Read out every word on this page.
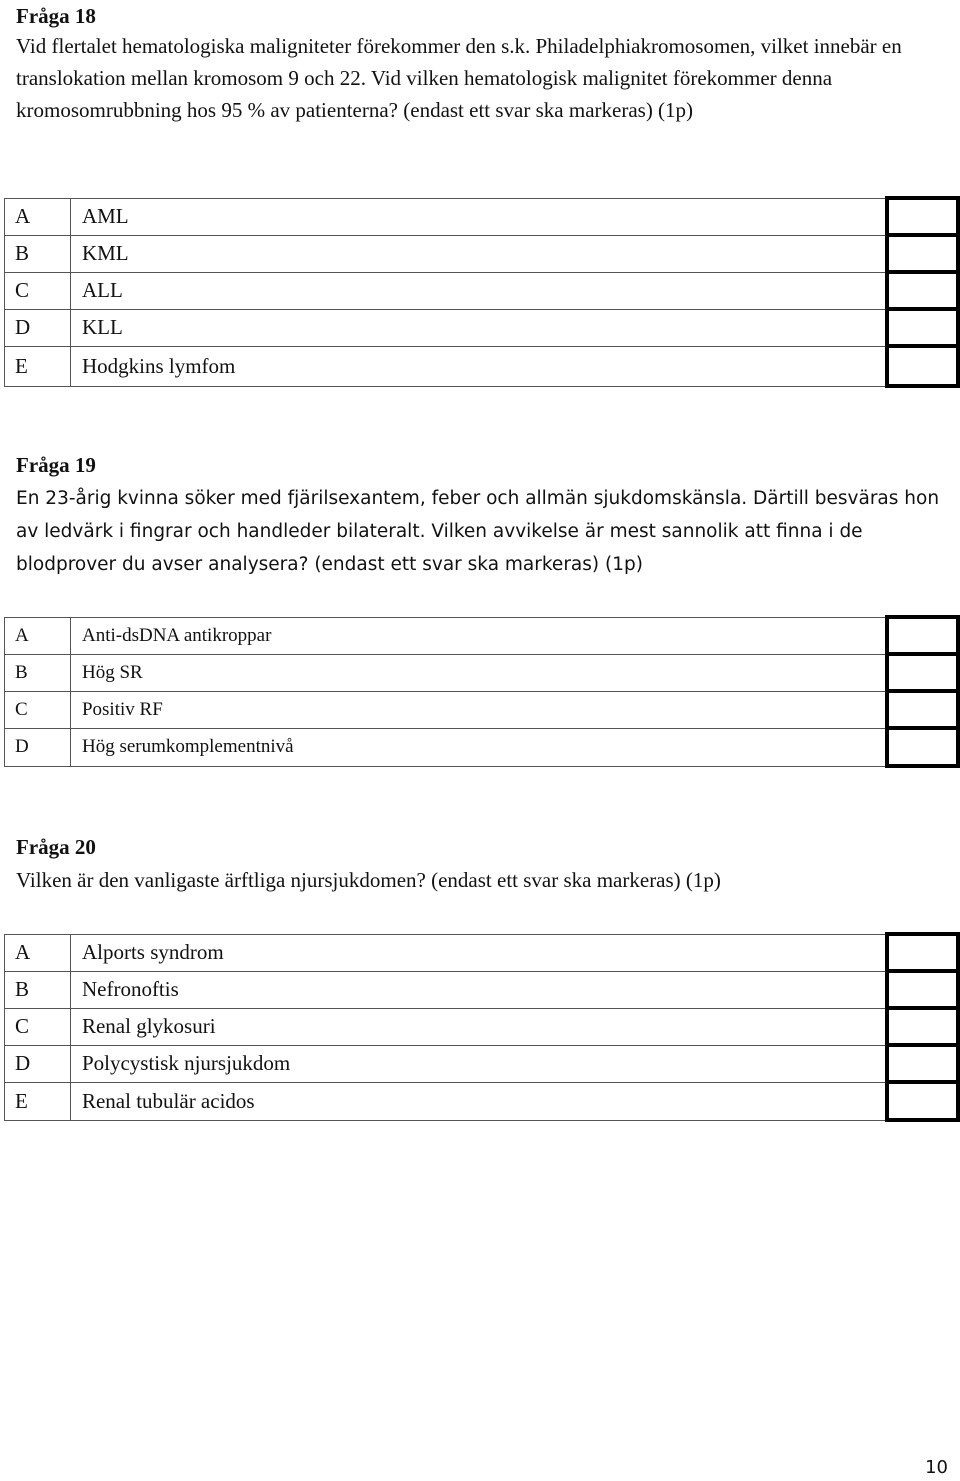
Fråga 18

Vid flertalet hematologiska maligniteter förekommer den s.k. Philadelphiakromosomen, vilket innebär en translokation mellan kromosom 9 och 22. Vid vilken hematologisk malignitet förekommer denna kromosomrubbning hos 95 % av patienterna? (endast ett svar ska markeras) (1p)

A	AML	
B	KML	
C	ALL	
D	KLL	
E	Hodgkins lymfom	

Fråga 19

En 23-årig kvinna söker med fjärilsexantem, feber och allmän sjukdomskänsla. Därtill besväras hon av ledvärk i fingrar och handleder bilateralt. Vilken avvikelse är mest sannolik att finna i de blodprover du avser analysera? (endast ett svar ska markeras) (1p)

A	Anti-dsDNA antikroppar	
B	Hög SR	
C	Positiv RF	
D	Hög serumkomplementnivå	

Fråga 20

Vilken är den vanligaste ärftliga njursjukdomen? (endast ett svar ska markeras) (1p)

A	Alports syndrom	
B	Nefronoftis	
C	Renal glykosuri	
D	Polycystisk njursjukdom	
E	Renal tubulär acidos	
10
